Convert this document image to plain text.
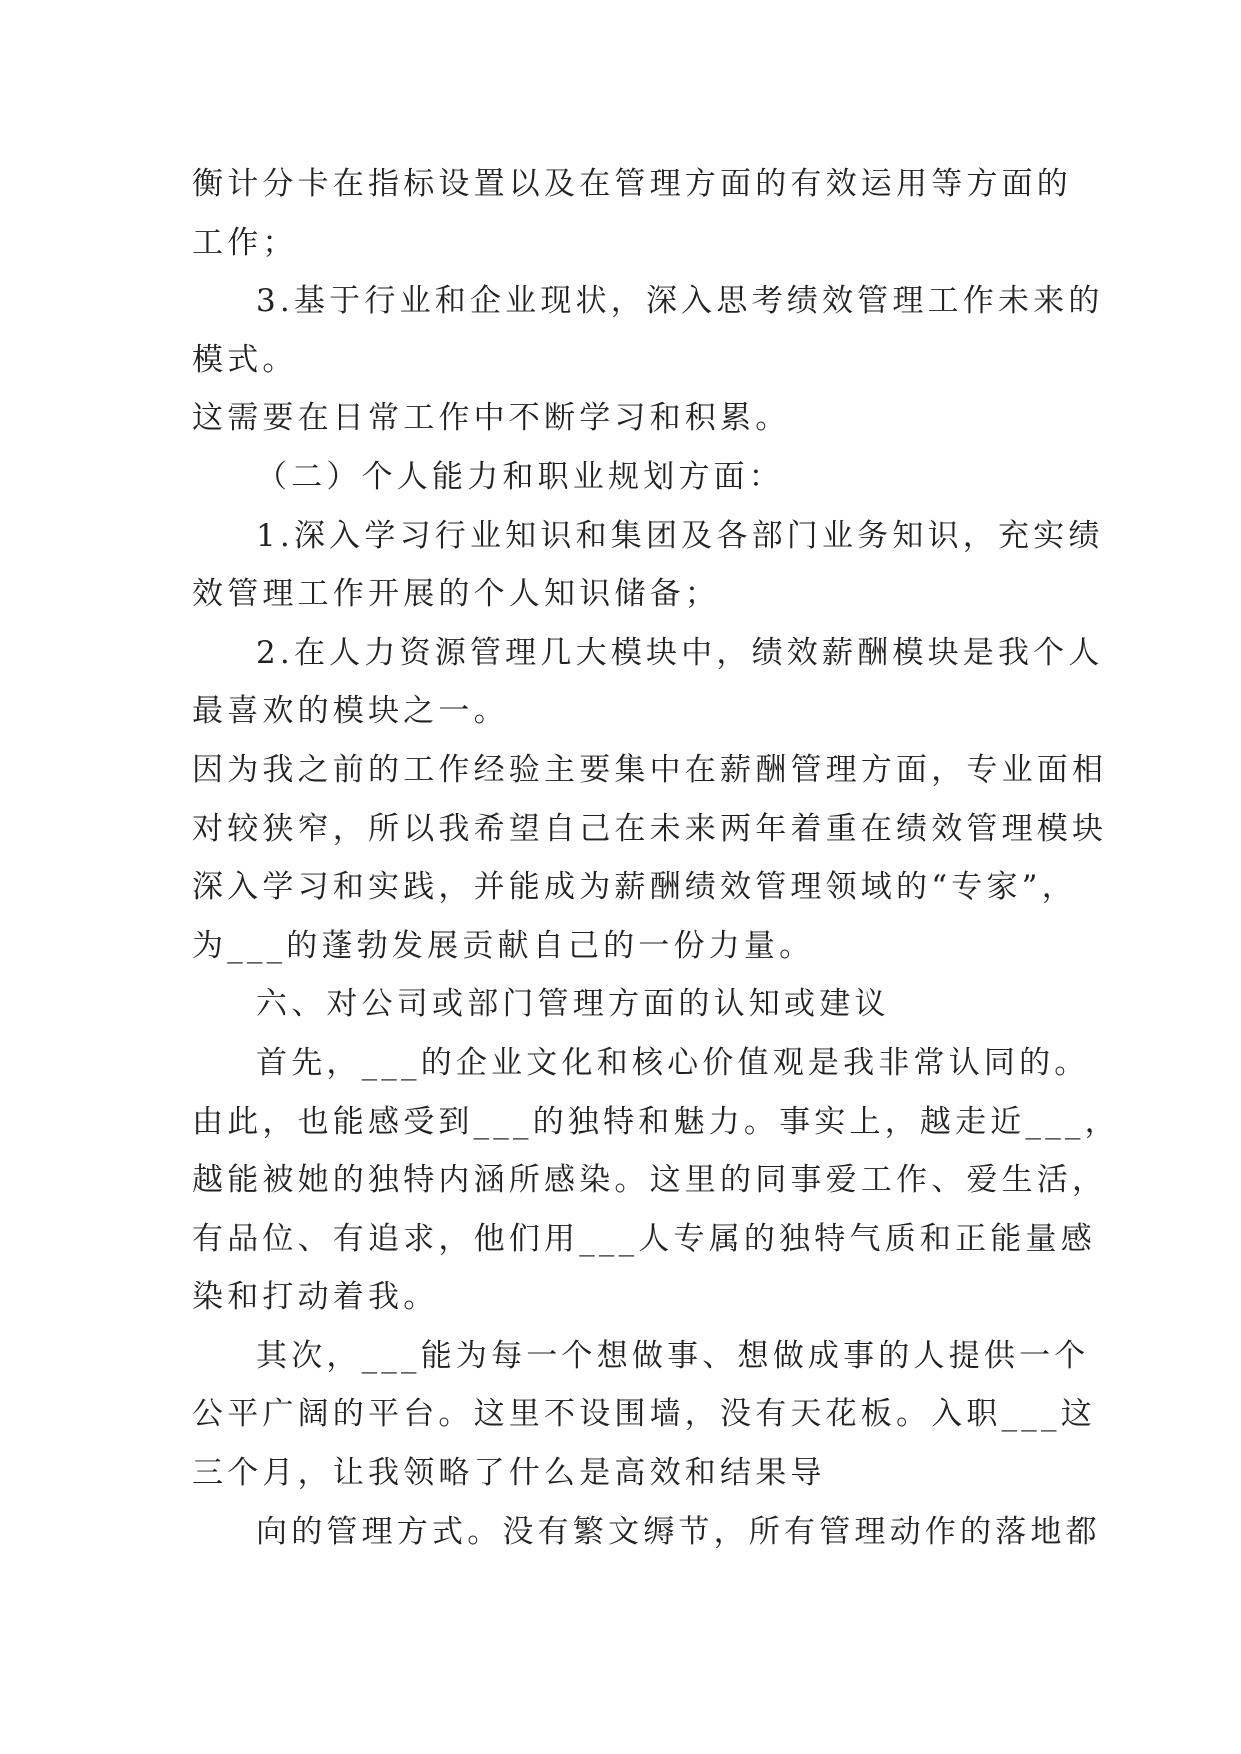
衡计分卡在指标设置以及在管理方面的有效运用等方面的
工作；
3.基于行业和企业现状，深入思考绩效管理工作未来的
模式。
这需要在日常工作中不断学习和积累。
（二）个人能力和职业规划方面：
1.深入学习行业知识和集团及各部门业务知识，充实绩
效管理工作开展的个人知识储备；
2.在人力资源管理几大模块中，绩效薪酬模块是我个人
最喜欢的模块之一。
因为我之前的工作经验主要集中在薪酬管理方面，专业面相
对较狭窄，所以我希望自己在未来两年着重在绩效管理模块
深入学习和实践，并能成为薪酬绩效管理领域的“专家”，
为___的蓬勃发展贡献自己的一份力量。
六、对公司或部门管理方面的认知或建议
首先，___的企业文化和核心价值观是我非常认同的。
由此，也能感受到___的独特和魅力。事实上，越走近___，
越能被她的独特内涵所感染。这里的同事爱工作、爱生活，
有品位、有追求，他们用___人专属的独特气质和正能量感
染和打动着我。
其次，___能为每一个想做事、想做成事的人提供一个
公平广阔的平台。这里不设围墙，没有天花板。入职___这
三个月，让我领略了什么是高效和结果导
向的管理方式。没有繁文缛节，所有管理动作的落地都
